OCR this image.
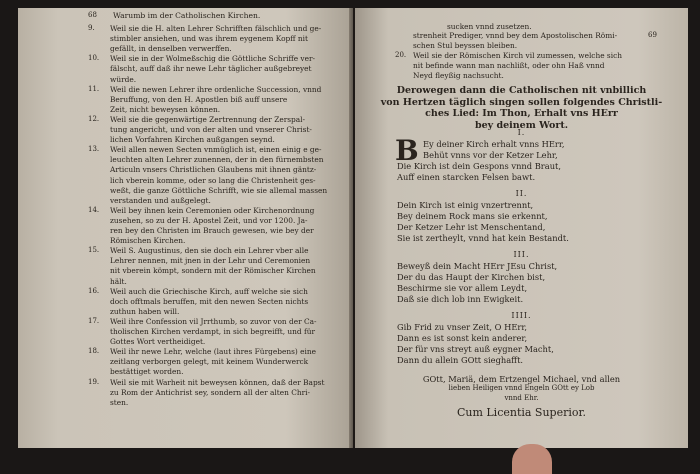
68 Warumb im der Catholischen Kirchen.
9. Weil sie die H. alten Lehrer Schrifften fälschlich und ge-
stimbler ansiehen, und was ihrem eygenem Kopff nit
gefällt, in denselben verwerffen.
10. Weil sie in der Wolmeßschig die Göttliche Schriffe ver-
fälscht, auff daß ihr newe Lehr täglicher außgebreyet
würde.
11. Weil die newen Lehrer ihre ordenliche Succession, vnnd
Beruffung, von den H. Apostlen biß auff unsere
Zeit, nicht beweysen können.
12. Weil sie die gegenwärtige Zertrennung der Zerspal-
tung angericht, und von der alten und vnserer Christ-
lichen Vorfahren Kirchen außgangen seynd.
13. Weil allen newen Secten vnmüglich ist, einen einig e ge-
leuchten alten Lehrer zunennen, der in den fürnembsten
Articuln vnsers Christlichen Glaubens mit ihnen gäntz-
lich vberein komme, oder so lang die Christenheit ges-
weßt, die ganze Göttliche Schrifft, wie sie allemal massen
verstanden und außgelegt.
14. Weil bey ihnen kein Ceremonien oder Kirchenordnung
zusehen, so zu der H. Apostel Zeit, und vor 1200. Ja-
ren bey den Christen im Brauch gewesen, wie bey der
Römischen Kirchen.
15. Weil S. Augustinus, den sie doch ein Lehrer vber alle
Lehrer nennen, mit jnen in der Lehr und Ceremonien
nit vberein kömpt, sondern mit der Römischer Kirchen
hält.
16. Weil auch die Griechische Kirch, auff welche sie sich
doch offtmals beruffen, mit den newen Secten nichts
zuthun haben will.
17. Weil ihre Confession vil Jrrthumb, so zuvor von der Ca-
tholischen Kirchen verdampt, in sich begreifft, und für
Gottes Wort vertheidiget.
18. Weil ihr newe Lehr, welche (laut ihres Fürgebens) eine
zeitlang verborgen gelegt, mit keinem Wunderwerck
bestättiget worden.
19. Weil sie mit Warheit nit beweysen können, daß der Bapst
zu Rom der Antichrist sey, sondern all der alten Chri-
sten.
69
sucken vnnd zusetzen.
strenheit Prediger, vnnd bey dem Apostolischen Römi-
schen Stul beyssen bleiben.
20. Weil sie der Römischen Kirch vil zumessen, welche sich
nit befinde wann man nachlißt, oder ohn Haß vnnd
Neyd fleyßig nachsucht.
Derowegen dann die Catholischen nit vnbillich
von Hertzen täglich singen sollen folgendes Christli-
ches Lied: Im Thon, Erhalt vns HErr
bey deinem Wort.
I.
B Ey deiner Kirch erhalt vnns HErr,
Behüt vnns vor der Ketzer Lehr,
Die Kirch ist dein Gespons vnnd Braut,
Auff einen starcken Felsen bawt.
II.
Dein Kirch ist einig vnzertrennt,
Bey deinem Rock mans sie erkennt,
Der Ketzer Lehr ist Menschentand,
Sie ist zertheylt, vnnd hat kein Bestandt.
III.
Beweyß dein Macht HErr JEsu Christ,
Der du das Haupt der Kirchen bist,
Beschirme sie vor allem Leydt,
Daß sie dich lob inn Ewigkeit.
IIII.
Gib Frid zu vnser Zeit, O HErr,
Dann es ist sonst kein anderer,
Der für vns streyt auß eygner Macht,
Dann du allein GOtt sieghafft.
GOtt, Mariä, dem Ertzengel Michael, vnd allen
lieben Heiligen vnnd Engeln GOtt ey Lob
vnnd Ehr.
Cum Licentia Superior.
